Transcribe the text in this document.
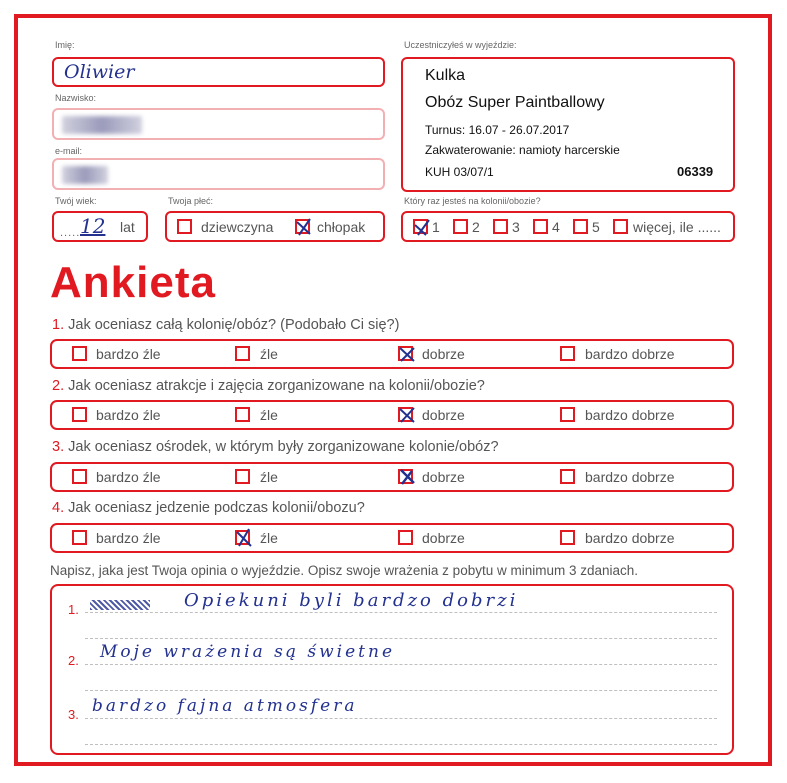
Imię:
Oliwier
Nazwisko:
e-mail:
Twój wiek:
..... 12 lat
Twoja płeć:
dziewczyna	chłopak
Uczestniczyłeś w wyjeździe:
Kulka
Obóz Super Paintballowy
Turnus: 16.07 - 26.07.2017
Zakwaterowanie: namioty harcerskie
KUH 03/07/1	06339
Który raz jesteś na kolonii/obozie?
1 2 3 4 5 więcej, ile ......
Ankieta
1. Jak oceniasz całą kolonię/obóz? (Podobało Ci się?)
bardzo źle	źle	dobrze	bardzo dobrze
2. Jak oceniasz atrakcje i zajęcia zorganizowane na kolonii/obozie?
bardzo źle	źle	dobrze	bardzo dobrze
3. Jak oceniasz ośrodek, w którym były zorganizowane kolonie/obóz?
bardzo źle	źle	dobrze	bardzo dobrze
4. Jak oceniasz jedzenie podczas kolonii/obozu?
bardzo źle	źle	dobrze	bardzo dobrze
Napisz, jaka jest Twoja opinia o wyjeździe. Opisz swoje wrażenia z pobytu w minimum 3 zdaniach.
1.	Opiekuni byli bardzo dobrzi
2. Moje wrażenia są świetne
3. bardzo fajna atmosfera
